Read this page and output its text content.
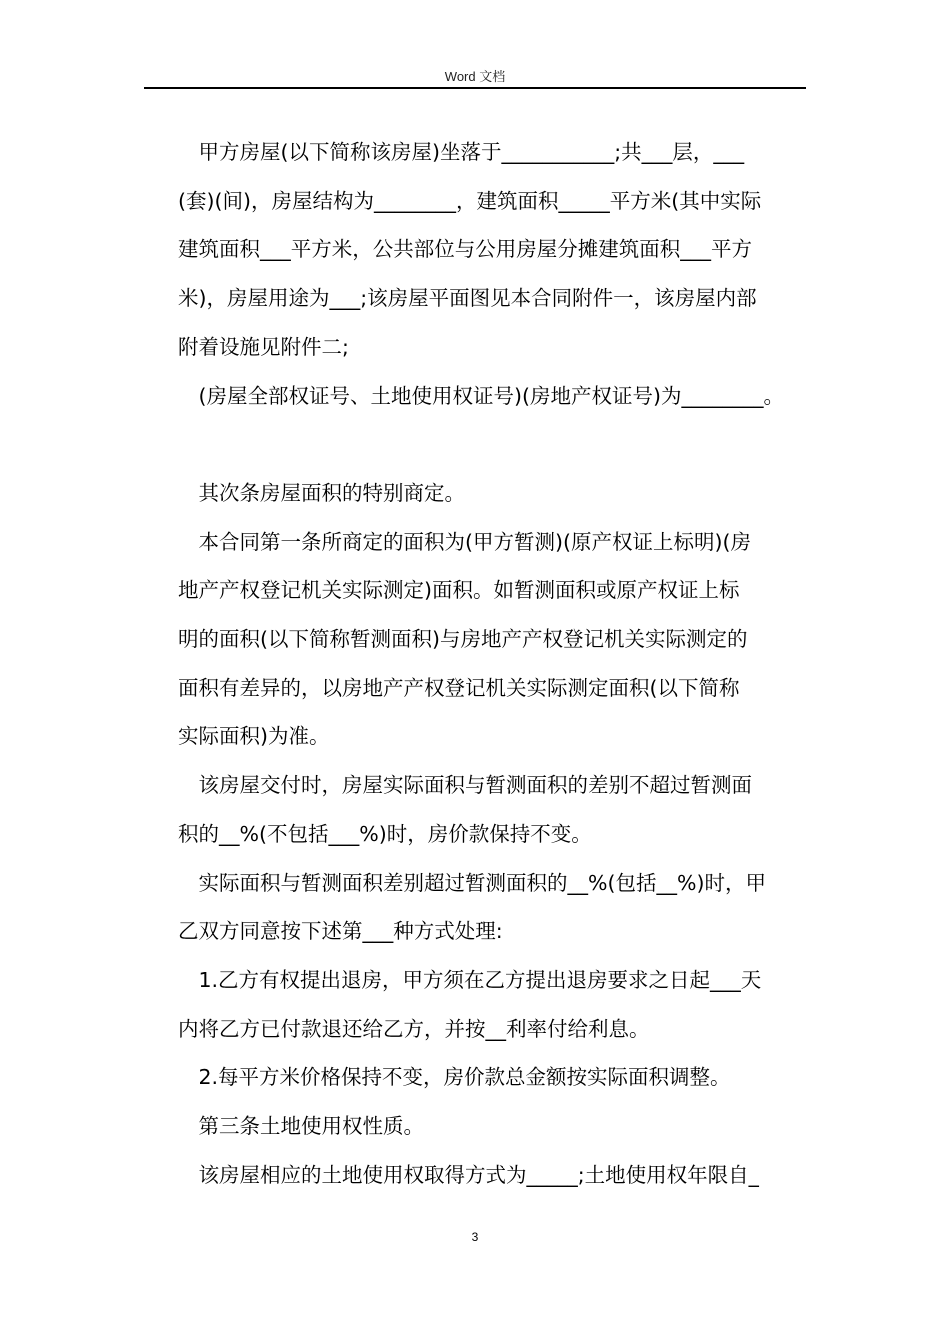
Word 文档

　甲方房屋(以下简称该房屋)坐落于___________;共___层，___

(套)(间)，房屋结构为________，建筑面积_____平方米(其中实际

建筑面积___平方米，公共部位与公用房屋分摊建筑面积___平方

米)，房屋用途为___;该房屋平面图见本合同附件一，该房屋内部

附着设施见附件二;

　(房屋全部权证号、土地使用权证号)(房地产权证号)为________。

　其次条房屋面积的特别商定。

　本合同第一条所商定的面积为(甲方暂测)(原产权证上标明)(房

地产产权登记机关实际测定)面积。如暂测面积或原产权证上标

明的面积(以下简称暂测面积)与房地产产权登记机关实际测定的

面积有差异的，以房地产产权登记机关实际测定面积(以下简称

实际面积)为准。

　该房屋交付时，房屋实际面积与暂测面积的差别不超过暂测面

积的__%(不包括___%)时，房价款保持不变。

　实际面积与暂测面积差别超过暂测面积的__%(包括__%)时，甲

乙双方同意按下述第___种方式处理:

　1.乙方有权提出退房，甲方须在乙方提出退房要求之日起___天

内将乙方已付款退还给乙方，并按__利率付给利息。

　2.每平方米价格保持不变，房价款总金额按实际面积调整。

　第三条土地使用权性质。

　该房屋相应的土地使用权取得方式为_____;土地使用权年限自_

3
